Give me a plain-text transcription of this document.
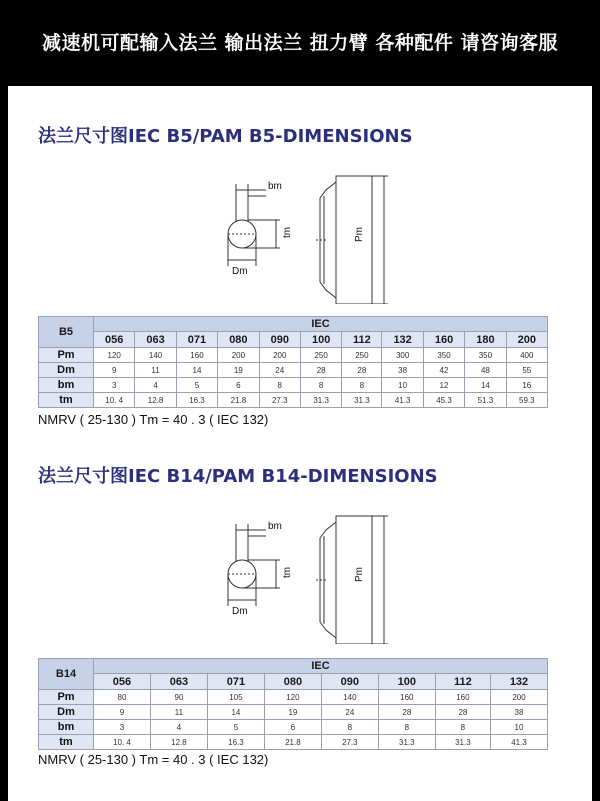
减速机可配输入法兰 输出法兰 扭力臂 各种配件 请咨询客服
法兰尺寸图IEC B5/PAM B5-DIMENSIONS
bm
tm
Dm
Pm
B5	IEC										
	056	063	071	080	090	100	112	132	160	180	200
Pm	120	140	160	200	200	250	250	300	350	350	400
Dm	9	11	14	19	24	28	28	38	42	48	55
bm	3	4	5	6	8	8	8	10	12	14	16
tm	10. 4	12.8	16.3	21.8	27.3	31.3	31.3	41.3	45.3	51.3	59.3
NMRV ( 25-130 ) Tm = 40 . 3 ( IEC 132)
法兰尺寸图IEC B14/PAM B14-DIMENSIONS
bm
tm
Dm
Pm
B14	IEC							
	056	063	071	080	090	100	112	132
Pm	80	90	105	120	140	160	160	200
Dm	9	11	14	19	24	28	28	38
bm	3	4	5	6	8	8	8	10
tm	10. 4	12.8	16.3	21.8	27.3	31.3	31.3	41.3
NMRV ( 25-130 ) Tm = 40 . 3 ( IEC 132)
